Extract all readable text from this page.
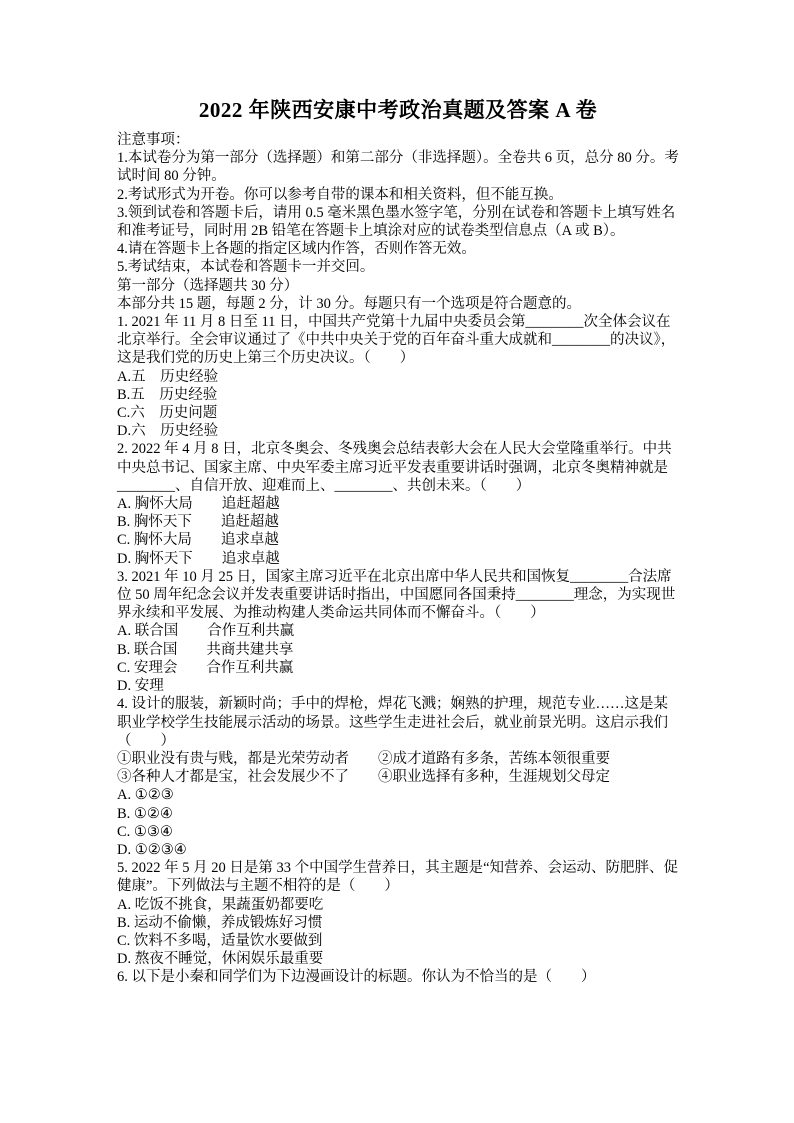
2022 年陕西安康中考政治真题及答案 A 卷

注意事项：

1.本试卷分为第一部分（选择题）和第二部分（非选择题）。全卷共 6 页，总分 80 分。考试时间 80 分钟。

2.考试形式为开卷。你可以参考自带的课本和相关资料，但不能互换。

3.领到试卷和答题卡后，请用 0.5 毫米黑色墨水签字笔，分别在试卷和答题卡上填写姓名和准考证号，同时用 2B 铅笔在答题卡上填涂对应的试卷类型信息点（A 或 B）。

4.请在答题卡上各题的指定区域内作答，否则作答无效。

5.考试结束，本试卷和答题卡一并交回。

第一部分（选择题共 30 分）

本部分共 15 题，每题 2 分，计 30 分。每题只有一个选项是符合题意的。

1. 2021 年 11 月 8 日至 11 日，中国共产党第十九届中央委员会第________次全体会议在北京举行。全会审议通过了《中共中央关于党的百年奋斗重大成就和________的决议》，这是我们党的历史上第三个历史决议。（　　）

A.五　历史经验

B.五　历史经验

C.六　历史问题

D.六　历史经验

2. 2022 年 4 月 8 日，北京冬奥会、冬残奥会总结表彰大会在人民大会堂隆重举行。中共中央总书记、国家主席、中央军委主席习近平发表重要讲话时强调，北京冬奥精神就是________、自信开放、迎难而上、________、共创未来。（　　）

A. 胸怀大局　　追赶超越

B. 胸怀天下　　追赶超越

C. 胸怀大局　　追求卓越

D. 胸怀天下　　追求卓越

3. 2021 年 10 月 25 日，国家主席习近平在北京出席中华人民共和国恢复________合法席位 50 周年纪念会议并发表重要讲话时指出，中国愿同各国秉持________理念，为实现世界永续和平发展、为推动构建人类命运共同体而不懈奋斗。（　　）

A. 联合国　　合作互利共赢

B. 联合国　　共商共建共享

C. 安理会　　合作互利共赢

D. 安理

4. 设计的服装，新颖时尚；手中的焊枪，焊花飞溅；娴熟的护理，规范专业……这是某职业学校学生技能展示活动的场景。这些学生走进社会后，就业前景光明。这启示我们（　　）

①职业没有贵与贱，都是光荣劳动者　　②成才道路有多条，苦练本领很重要

③各种人才都是宝，社会发展少不了　　④职业选择有多种，生涯规划父母定

A. ①②③

B. ①②④

C. ①③④

D. ①②③④

5. 2022 年 5 月 20 日是第 33 个中国学生营养日，其主题是“知营养、会运动、防肥胖、促健康”。下列做法与主题不相符的是（　　）

A. 吃饭不挑食，果蔬蛋奶都要吃

B. 运动不偷懒，养成锻炼好习惯

C. 饮料不多喝，适量饮水要做到

D. 熬夜不睡觉，休闲娱乐最重要

6. 以下是小秦和同学们为下边漫画设计的标题。你认为不恰当的是（　　）
